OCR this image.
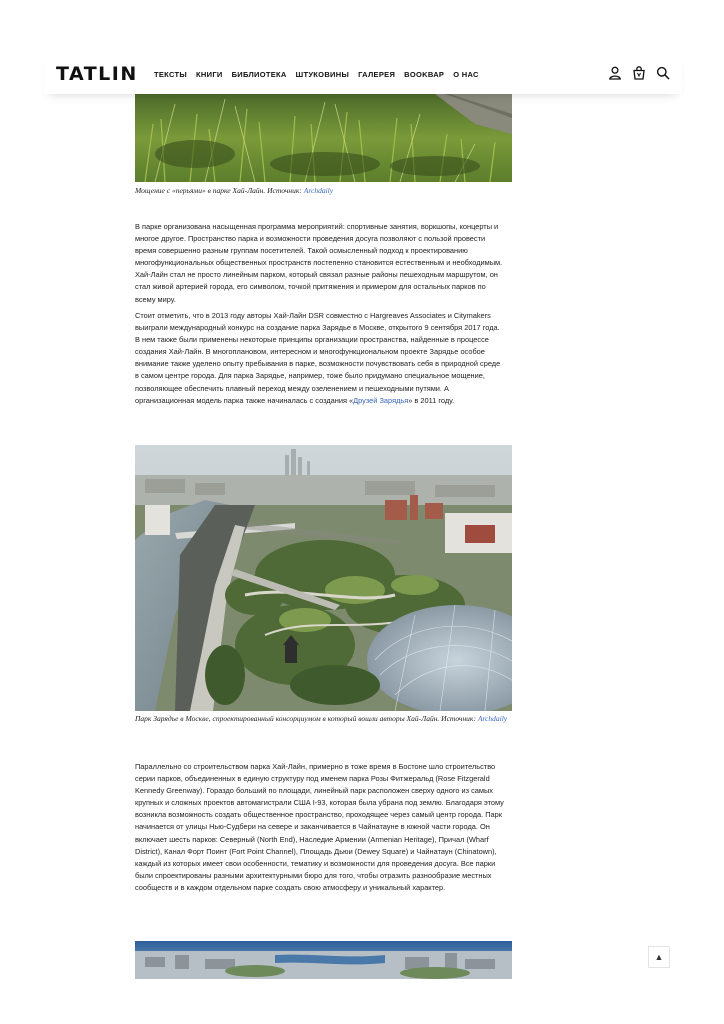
TATLIN ТЕКСТЫ КНИГИ БИБЛИОТЕКА ШТУКОВИНЫ ГАЛЕРЕЯ BOOKВАР О НАС
Мощение с «перьями» в парке Хай-Лайн. Источник: Archdaily
В парке организована насыщенная программа мероприятий: спортивные занятия, воркшопы, концерты и многое другое. Пространство парка и возможности проведения досуга позволяют с пользой провести время совершенно разным группам посетителей. Такой осмысленный подход к проектированию многофункциональных общественных пространств постепенно становится естественным и необходимым. Хай-Лайн стал не просто линейным парком, который связал разные районы пешеходным маршрутом, он стал живой артерией города, его символом, точкой притяжения и примером для остальных парков по всему миру.
Стоит отметить, что в 2013 году авторы Хай-Лайн DSR совместно с Hargreaves Associates и Citymakers выиграли международный конкурс на создание парка Зарядье в Москве, открытого 9 сентября 2017 года. В нем также были применены некоторые принципы организации пространства, найденные в процессе создания Хай-Лайн. В многоплановом, интересном и многофункциональном проекте Зарядье особое внимание также уделено опыту пребывания в парке, возможности почувствовать себя в природной среде в самом центре города. Для парка Зарядье, например, тоже было придумано специальное мощение, позволяющее обеспечить плавный переход между озеленением и пешеходными путями. А организационная модель парка также начиналась с создания «Друзей Зарядья» в 2011 году.
Парк Зарядье в Москве, спроектированный консорциумом в который вошли авторы Хай-Лайн. Источник: Archdaily
Параллельно со строительством парка Хай-Лайн, примерно в тоже время в Бостоне шло строительство серии парков, объединенных в единую структуру под именем парка Розы Фитжеральд (Rose Fitzgerald Kennedy Greenway). Гораздо больший по площади, линейный парк расположен сверху одного из самых крупных и сложных проектов автомагистрали США I-93, которая была убрана под землю. Благодаря этому возникла возможность создать общественное пространство, проходящее через самый центр города. Парк начинается от улицы Нью-Судбери на севере и заканчивается в Чайнатауне в южной части города. Он включает шесть парков: Северный (North End), Наследие Армении (Armenian Heritage), Причал (Wharf District), Канал Форт Поинт (Fort Point Channel), Площадь Дьюи (Dewey Square) и Чайнатаун (Chinatown), каждый из которых имеет свои особенности, тематику и возможности для проведения досуга. Все парки были спроектированы разными архитектурными бюро для того, чтобы отразить разнообразие местных сообществ и в каждом отдельном парке создать свою атмосферу и уникальный характер.
▲
